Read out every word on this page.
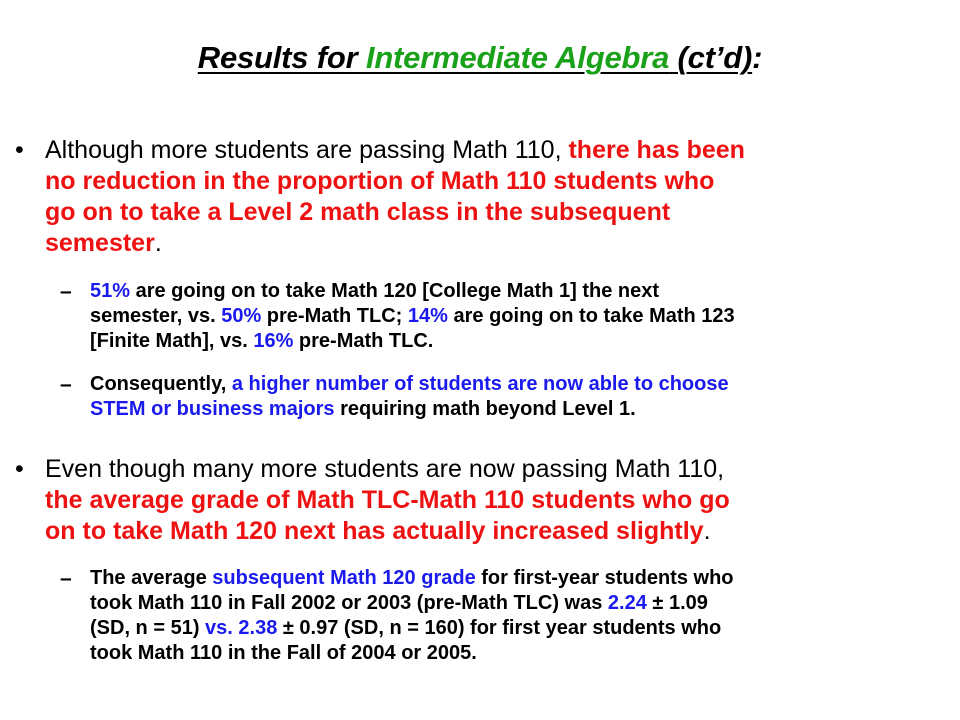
Results for Intermediate Algebra (ct’d):
• Although more students are passing Math 110, there has been
no reduction in the proportion of Math 110 students who
go on to take a Level 2 math class in the subsequent
semester.
– 51% are going on to take Math 120 [College Math 1] the next
semester, vs. 50% pre-Math TLC; 14% are going on to take Math 123
[Finite Math], vs. 16% pre-Math TLC.
– Consequently, a higher number of students are now able to choose
STEM or business majors requiring math beyond Level 1.
• Even though many more students are now passing Math 110,
the average grade of Math TLC-Math 110 students who go
on to take Math 120 next has actually increased slightly.
– The average subsequent Math 120 grade for first-year students who
took Math 110 in Fall 2002 or 2003 (pre-Math TLC) was 2.24 ± 1.09
(SD, n = 51) vs. 2.38 ± 0.97 (SD, n = 160) for first year students who
took Math 110 in the Fall of 2004 or 2005.
